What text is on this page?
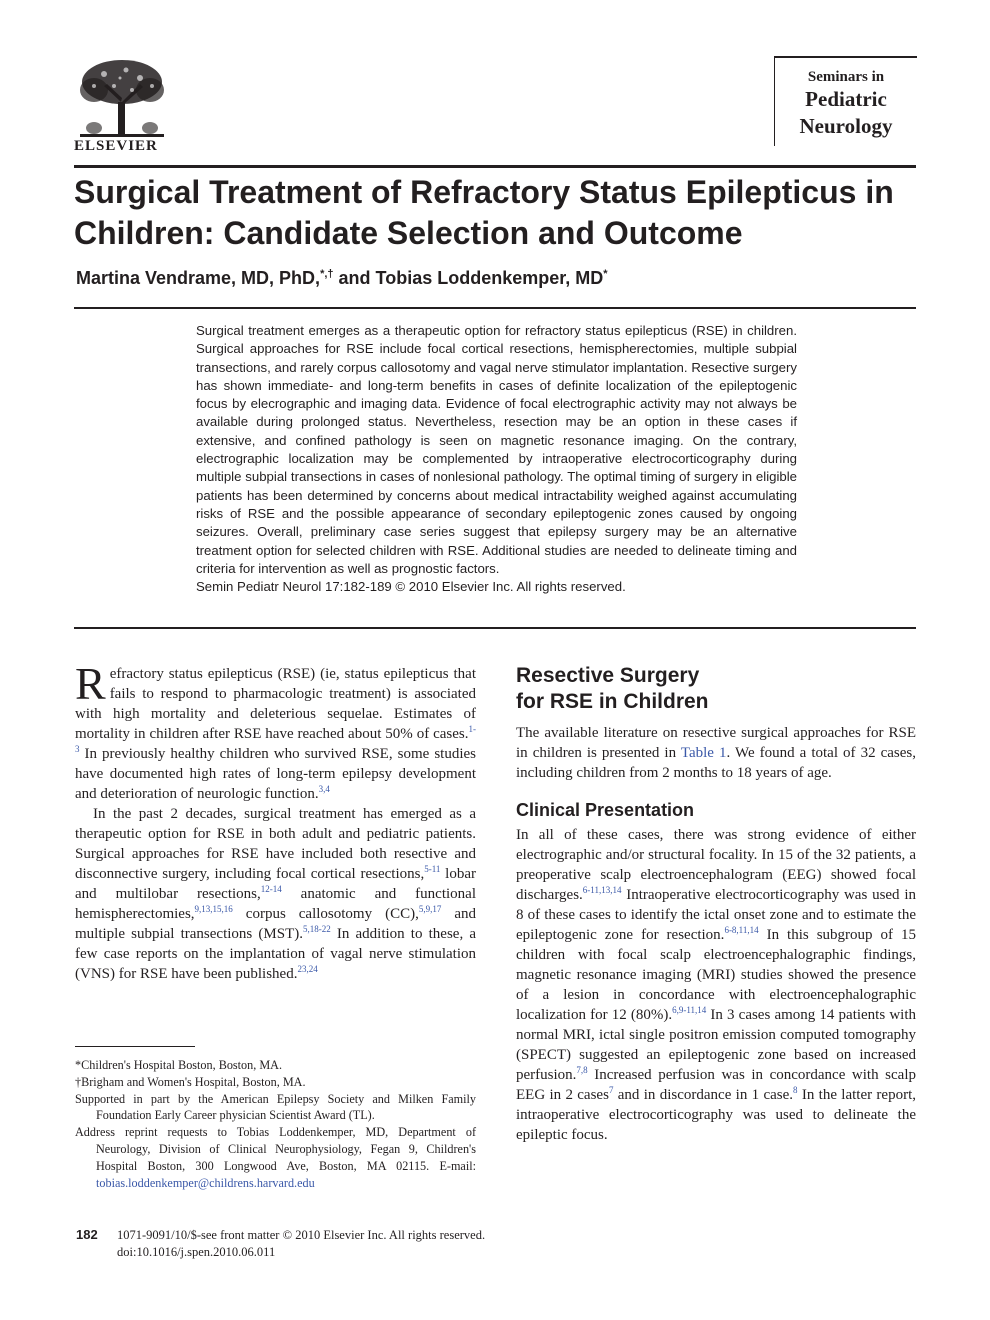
ELSEVIER
Seminars in
Pediatric
Neurology
Surgical Treatment of Refractory Status Epilepticus in Children: Candidate Selection and Outcome
Martina Vendrame, MD, PhD,*,† and Tobias Loddenkemper, MD*
Surgical treatment emerges as a therapeutic option for refractory status epilepticus (RSE) in children. Surgical approaches for RSE include focal cortical resections, hemispherectomies, multiple subpial transections, and rarely corpus callosotomy and vagal nerve stimulator implantation. Resective surgery has shown immediate- and long-term benefits in cases of definite localization of the epileptogenic focus by elecrographic and imaging data. Evidence of focal electrographic activity may not always be available during prolonged status. Nevertheless, resection may be an option in these cases if extensive, and confined pathology is seen on magnetic resonance imaging. On the contrary, electrographic localization may be complemented by intraoperative electrocorticography during multiple subpial transections in cases of nonlesional pathology. The optimal timing of surgery in eligible patients has been determined by concerns about medical intractability weighed against accumulating risks of RSE and the possible appearance of secondary epileptogenic zones caused by ongoing seizures. Overall, preliminary case series suggest that epilepsy surgery may be an alternative treatment option for selected children with RSE. Additional studies are needed to delineate timing and criteria for intervention as well as prognostic factors.
Semin Pediatr Neurol 17:182-189 © 2010 Elsevier Inc. All rights reserved.

Refractory status epilepticus (RSE) (ie, status epilepticus that fails to respond to pharmacologic treatment) is associated with high mortality and deleterious sequelae. Estimates of mortality in children after RSE have reached about 50% of cases.$^{1-3}$ In previously healthy children who survived RSE, some studies have documented high rates of long-term epilepsy development and deterioration of neurologic function.$^{3,4}$

In the past 2 decades, surgical treatment has emerged as a therapeutic option for RSE in both adult and pediatric patients. Surgical approaches for RSE have included both resective and disconnective surgery, including focal cortical resections,$^{5-11}$ lobar and multilobar resections,$^{12-14}$ anatomic and functional hemispherectomies,$^{9,13,15,16}$ corpus callosotomy (CC),$^{5,9,17}$ and multiple subpial transections (MST).$^{5,18-22}$ In addition to these, a few case reports on the implantation of vagal nerve stimulation (VNS) for RSE have been published.$^{23,24}$

*Children's Hospital Boston, Boston, MA.

†Brigham and Women's Hospital, Boston, MA.

Supported in part by the American Epilepsy Society and Milken Family Foundation Early Career physician Scientist Award (TL).

Address reprint requests to Tobias Loddenkemper, MD, Department of Neurology, Division of Clinical Neurophysiology, Fegan 9, Children's Hospital Boston, 300 Longwood Ave, Boston, MA 02115. E-mail: tobias.loddenkemper@childrens.harvard.edu

Resective Surgery
for RSE in Children

The available literature on resective surgical approaches for RSE in children is presented in Table 1. We found a total of 32 cases, including children from 2 months to 18 years of age.

Clinical Presentation

In all of these cases, there was strong evidence of either electrographic and/or structural focality. In 15 of the 32 patients, a preoperative scalp electroencephalogram (EEG) showed focal discharges.$^{6-11,13,14}$ Intraoperative electrocorticography was used in 8 of these cases to identify the ictal onset zone and to estimate the epileptogenic zone for resection.$^{6-8,11,14}$ In this subgroup of 15 children with focal scalp electroencephalographic findings, magnetic resonance imaging (MRI) studies showed the presence of a lesion in concordance with electroencephalographic localization for 12 (80%).$^{6,9-11,14}$ In 3 cases among 14 patients with normal MRI, ictal single positron emission computed tomography (SPECT) suggested an epileptogenic zone based on increased perfusion.$^{7,8}$ Increased perfusion was in concordance with scalp EEG in 2 cases$^7$ and in discordance in 1 case.$^8$ In the latter report, intraoperative electrocorticography was used to delineate the epileptic focus.

182 1071-9091/10/$-see front matter © 2010 Elsevier Inc. All rights reserved.
doi:10.1016/j.spen.2010.06.011
